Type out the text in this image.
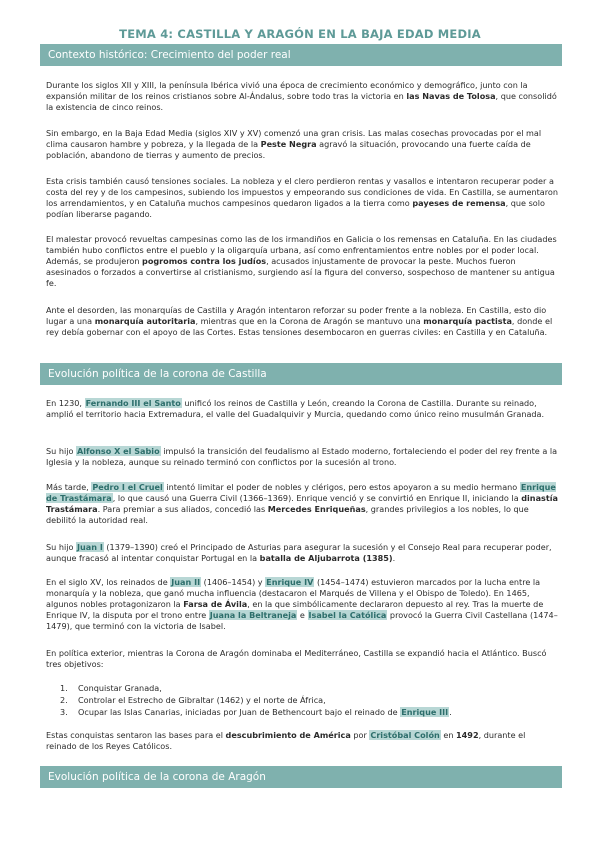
TEMA 4: CASTILLA Y ARAGÓN EN LA BAJA EDAD MEDIA
Contexto histórico: Crecimiento del poder real

Durante los siglos XII y XIII, la península Ibérica vivió una época de crecimiento económico y demográfico, junto con la expansión militar de los reinos cristianos sobre Al-Ándalus, sobre todo tras la victoria en las Navas de Tolosa, que consolidó la existencia de cinco reinos.

Sin embargo, en la Baja Edad Media (siglos XIV y XV) comenzó una gran crisis. Las malas cosechas provocadas por el mal clima causaron hambre y pobreza, y la llegada de la Peste Negra agravó la situación, provocando una fuerte caída de población, abandono de tierras y aumento de precios.

Esta crisis también causó tensiones sociales. La nobleza y el clero perdieron rentas y vasallos e intentaron recuperar poder a costa del rey y de los campesinos, subiendo los impuestos y empeorando sus condiciones de vida. En Castilla, se aumentaron los arrendamientos, y en Cataluña muchos campesinos quedaron ligados a la tierra como payeses de remensa, que solo podían liberarse pagando.

El malestar provocó revueltas campesinas como las de los irmandiños en Galicia o los remensas en Cataluña. En las ciudades también hubo conflictos entre el pueblo y la oligarquía urbana, así como enfrentamientos entre nobles por el poder local. Además, se produjeron pogromos contra los judíos, acusados injustamente de provocar la peste. Muchos fueron asesinados o forzados a convertirse al cristianismo, surgiendo así la figura del converso, sospechoso de mantener su antigua fe.

Ante el desorden, las monarquías de Castilla y Aragón intentaron reforzar su poder frente a la nobleza. En Castilla, esto dio lugar a una monarquía autoritaria, mientras que en la Corona de Aragón se mantuvo una monarquía pactista, donde el rey debía gobernar con el apoyo de las Cortes. Estas tensiones desembocaron en guerras civiles: en Castilla y en Cataluña.

Evolución política de la corona de Castilla

En 1230, Fernando III el Santo unificó los reinos de Castilla y León, creando la Corona de Castilla. Durante su reinado, amplió el territorio hacia Extremadura, el valle del Guadalquivir y Murcia, quedando como único reino musulmán Granada.

Su hijo Alfonso X el Sabio impulsó la transición del feudalismo al Estado moderno, fortaleciendo el poder del rey frente a la Iglesia y la nobleza, aunque su reinado terminó con conflictos por la sucesión al trono.

Más tarde, Pedro I el Cruel intentó limitar el poder de nobles y clérigos, pero estos apoyaron a su medio hermano Enrique de Trastámara, lo que causó una Guerra Civil (1366–1369). Enrique venció y se convirtió en Enrique II, iniciando la dinastía Trastámara. Para premiar a sus aliados, concedió las Mercedes Enriqueñas, grandes privilegios a los nobles, lo que debilitó la autoridad real.

Su hijo Juan I (1379–1390) creó el Principado de Asturias para asegurar la sucesión y el Consejo Real para recuperar poder, aunque fracasó al intentar conquistar Portugal en la batalla de Aljubarrota (1385).

En el siglo XV, los reinados de Juan II (1406–1454) y Enrique IV (1454–1474) estuvieron marcados por la lucha entre la monarquía y la nobleza, que ganó mucha influencia (destacaron el Marqués de Villena y el Obispo de Toledo). En 1465, algunos nobles protagonizaron la Farsa de Ávila, en la que simbólicamente declararon depuesto al rey. Tras la muerte de Enrique IV, la disputa por el trono entre Juana la Beltraneja e Isabel la Católica provocó la Guerra Civil Castellana (1474–1479), que terminó con la victoria de Isabel.

En política exterior, mientras la Corona de Aragón dominaba el Mediterráneo, Castilla se expandió hacia el Atlántico. Buscó tres objetivos:

1. Conquistar Granada,
2. Controlar el Estrecho de Gibraltar (1462) y el norte de África,
3. Ocupar las Islas Canarias, iniciadas por Juan de Bethencourt bajo el reinado de Enrique III.

Estas conquistas sentaron las bases para el descubrimiento de América por Cristóbal Colón en 1492, durante el reinado de los Reyes Católicos.

Evolución política de la corona de Aragón
